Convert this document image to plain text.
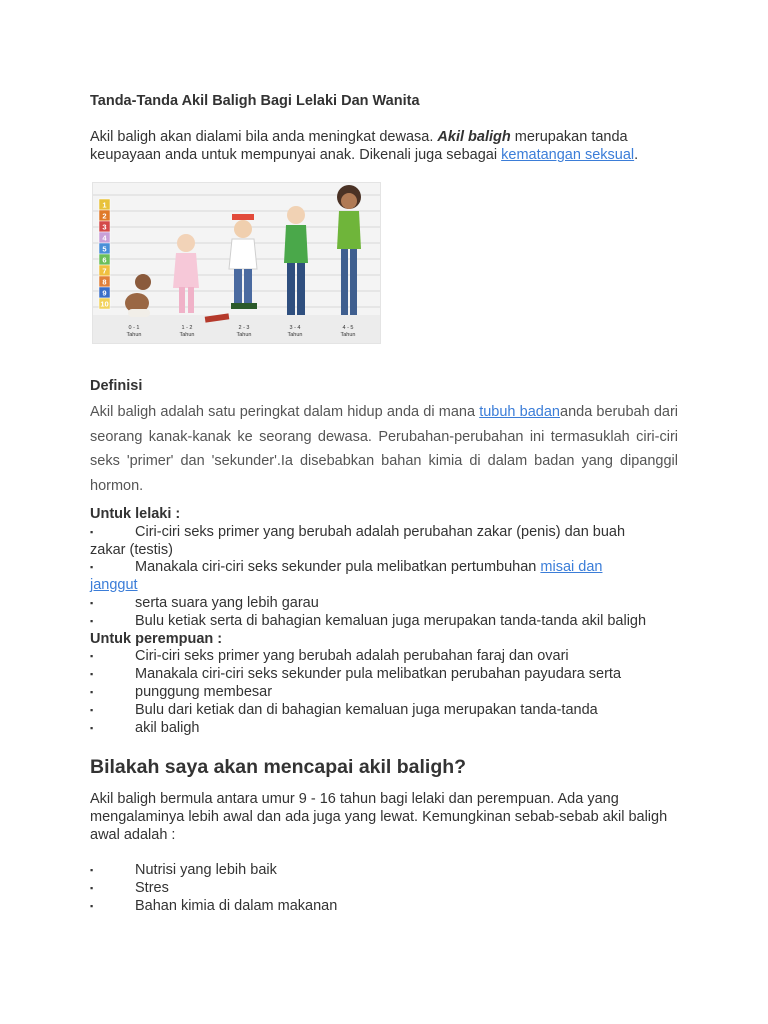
Tanda-Tanda Akil Baligh Bagi Lelaki Dan Wanita
Akil baligh akan dialami bila anda meningkat dewasa. Akil baligh merupakan tanda keupayaan anda untuk mempunyai anak. Dikenali juga sebagai kematangan seksual.
1
2
3
4
5
6
7
8
9
10
0 - 1
Tahun
1 - 2
Tahun
2 - 3
Tahun
3 - 4
Tahun
4 - 5
Tahun
Definisi
Akil baligh adalah satu peringkat dalam hidup anda di mana tubuh badananda berubah dari seorang kanak-kanak ke seorang dewasa. Perubahan-perubahan ini termasuklah ciri-ciri seks 'primer' dan 'sekunder'.Ia disebabkan bahan kimia di dalam badan yang dipanggil hormon.
Untuk lelaki :
▪	Ciri-ciri seks primer yang berubah adalah perubahan zakar (penis) dan buah
zakar (testis)
▪	Manakala ciri-ciri seks sekunder pula melibatkan pertumbuhan misai dan
janggut
▪	serta suara yang lebih garau
▪	Bulu ketiak serta di bahagian kemaluan juga merupakan tanda-tanda akil baligh
Untuk perempuan :
▪	Ciri-ciri seks primer yang berubah adalah perubahan faraj dan ovari
▪	Manakala ciri-ciri seks sekunder pula melibatkan perubahan payudara serta
▪	punggung membesar
▪	Bulu dari ketiak dan di bahagian kemaluan juga merupakan tanda-tanda
▪	akil baligh
Bilakah saya akan mencapai akil baligh?
Akil baligh bermula antara umur 9 - 16 tahun bagi lelaki dan perempuan. Ada yang mengalaminya lebih awal dan ada juga yang lewat. Kemungkinan sebab-sebab akil baligh awal adalah :
▪	Nutrisi yang lebih baik
▪	Stres
▪	Bahan kimia di dalam makanan
